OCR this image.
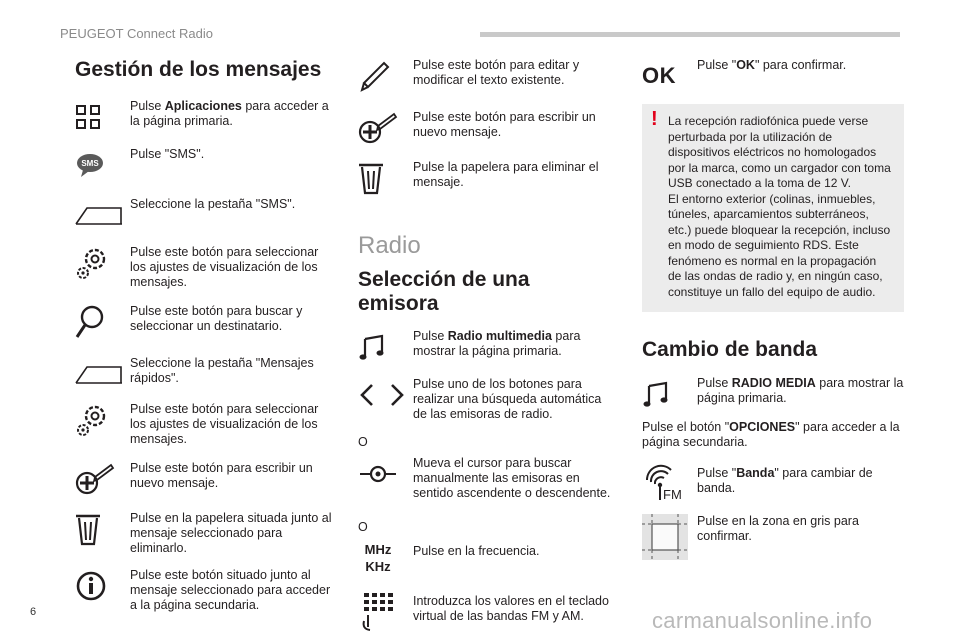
PEUGEOT Connect Radio
Gestión de los mensajes
Pulse Aplicaciones para acceder a la página primaria.
SMS
Pulse "SMS".
Seleccione la pestaña "SMS".
Pulse este botón para seleccionar los ajustes de visualización de los mensajes.
Pulse este botón para buscar y seleccionar un destinatario.
Seleccione la pestaña "Mensajes rápidos".
Pulse este botón para seleccionar los ajustes de visualización de los mensajes.
Pulse este botón para escribir un nuevo mensaje.
Pulse en la papelera situada junto al mensaje seleccionado para eliminarlo.
Pulse este botón situado junto al mensaje seleccionado para acceder a la página secundaria.
Pulse este botón para editar y modificar el texto existente.
Pulse este botón para escribir un nuevo mensaje.
Pulse la papelera para eliminar el mensaje.
Radio
Selección de una emisora
Pulse Radio multimedia para mostrar la página primaria.
Pulse uno de los botones para realizar una búsqueda automática de las emisoras de radio.
O
Mueva el cursor para buscar manualmente las emisoras en sentido ascendente o descendente.
O
MHz
KHz
Pulse en la frecuencia.
Introduzca los valores en el teclado virtual de las bandas FM y AM.
OK Pulse "OK" para confirmar.
! La recepción radiofónica puede verse perturbada por la utilización de dispositivos eléctricos no homologados por la marca, como un cargador con toma USB conectado a la toma de 12 V.
El entorno exterior (colinas, inmuebles, túneles, aparcamientos subterráneos, etc.) puede bloquear la recepción, incluso en modo de seguimiento RDS. Este fenómeno es normal en la propagación de las ondas de radio y, en ningún caso, constituye un fallo del equipo de audio.
Cambio de banda
Pulse RADIO MEDIA para mostrar la página primaria.
Pulse el botón "OPCIONES" para acceder a la página secundaria.
FM
Pulse "Banda" para cambiar de banda.
Pulse en la zona en gris para confirmar.
6	carmanualsonline.info
